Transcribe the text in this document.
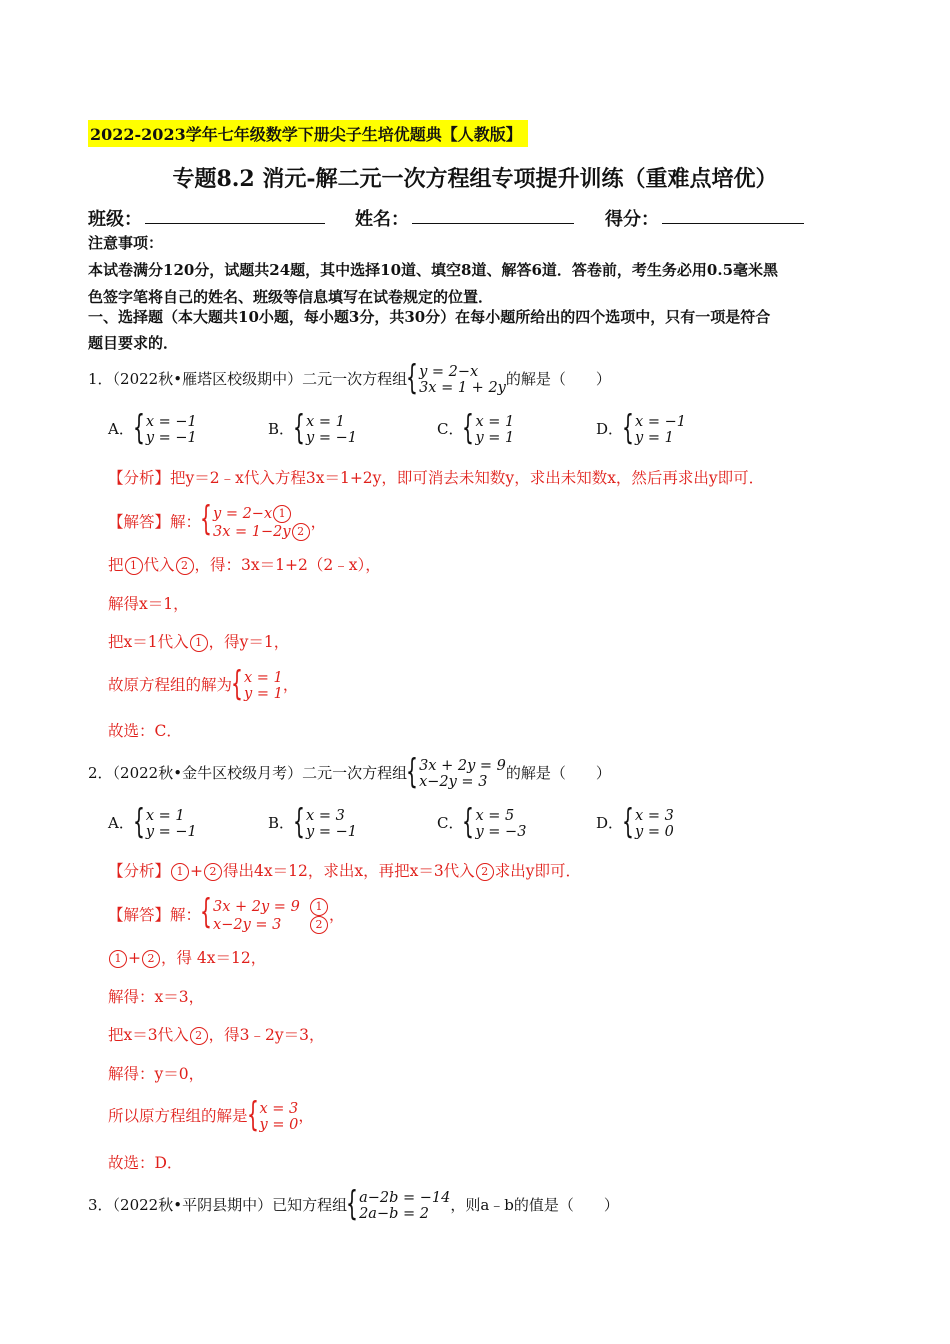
2022-2023学年七年级数学下册尖子生培优题典【人教版】
专题8.2 消元-解二元一次方程组专项提升训练（重难点培优）
班级：	姓名：	得分：
注意事项：
本试卷满分120分，试题共24题，其中选择10道、填空8道、解答6道．答卷前，考生务必用0.5毫米黑
色签字笔将自己的姓名、班级等信息填写在试卷规定的位置．
一、选择题（本大题共10小题，每小题3分，共30分）在每小题所给出的四个选项中，只有一项是符合
题目要求的．
1．（2022秋•雁塔区校级期中）二元一次方程组 { y = 2−x
3x = 1 + 2y 的解是（　　）
A． { x = −1
y = −1	B． { x = 1
y = −1	C． { x = 1
y = 1	D． { x = −1
y = 1
【分析】把y＝2﹣x代入方程3x＝1+2y，即可消去未知数y，求出未知数x，然后再求出y即可．
【解答】解： { y = 2−x 1
3x = 1−2y 2
，
把 1 代入 2 ，得：3x＝1+2（2﹣x），
解得x＝1，
把x＝1代入 1 ，得y＝1，
故原方程组的解为 { x = 1
y = 1 ，
故选：C．
2．（2022秋•金牛区校级月考）二元一次方程组 { 3x + 2y = 9
x−2y = 3	的解是（　　）
A． { x = 1
y = −1	B． { x = 3
y = −1	C． { x = 5
y = −3	D． { x = 3
y = 0
【分析】 1 + 2 得出4x＝12，求出x，再把x＝3代入 2 求出y即可．
【解答】解： { 3x + 2y = 9 1
x−2y = 3	2
，
1 + 2 ，得 4x＝12，
解得：x＝3，
把x＝3代入 2 ，得3﹣2y＝3，
解得：y＝0，
所以原方程组的解是 { x = 3
y = 0 ，
故选：D．
3．（2022秋•平阴县期中）已知方程组 { a−2b = −14
2a−b = 2	，则a﹣b的值是（　　）
